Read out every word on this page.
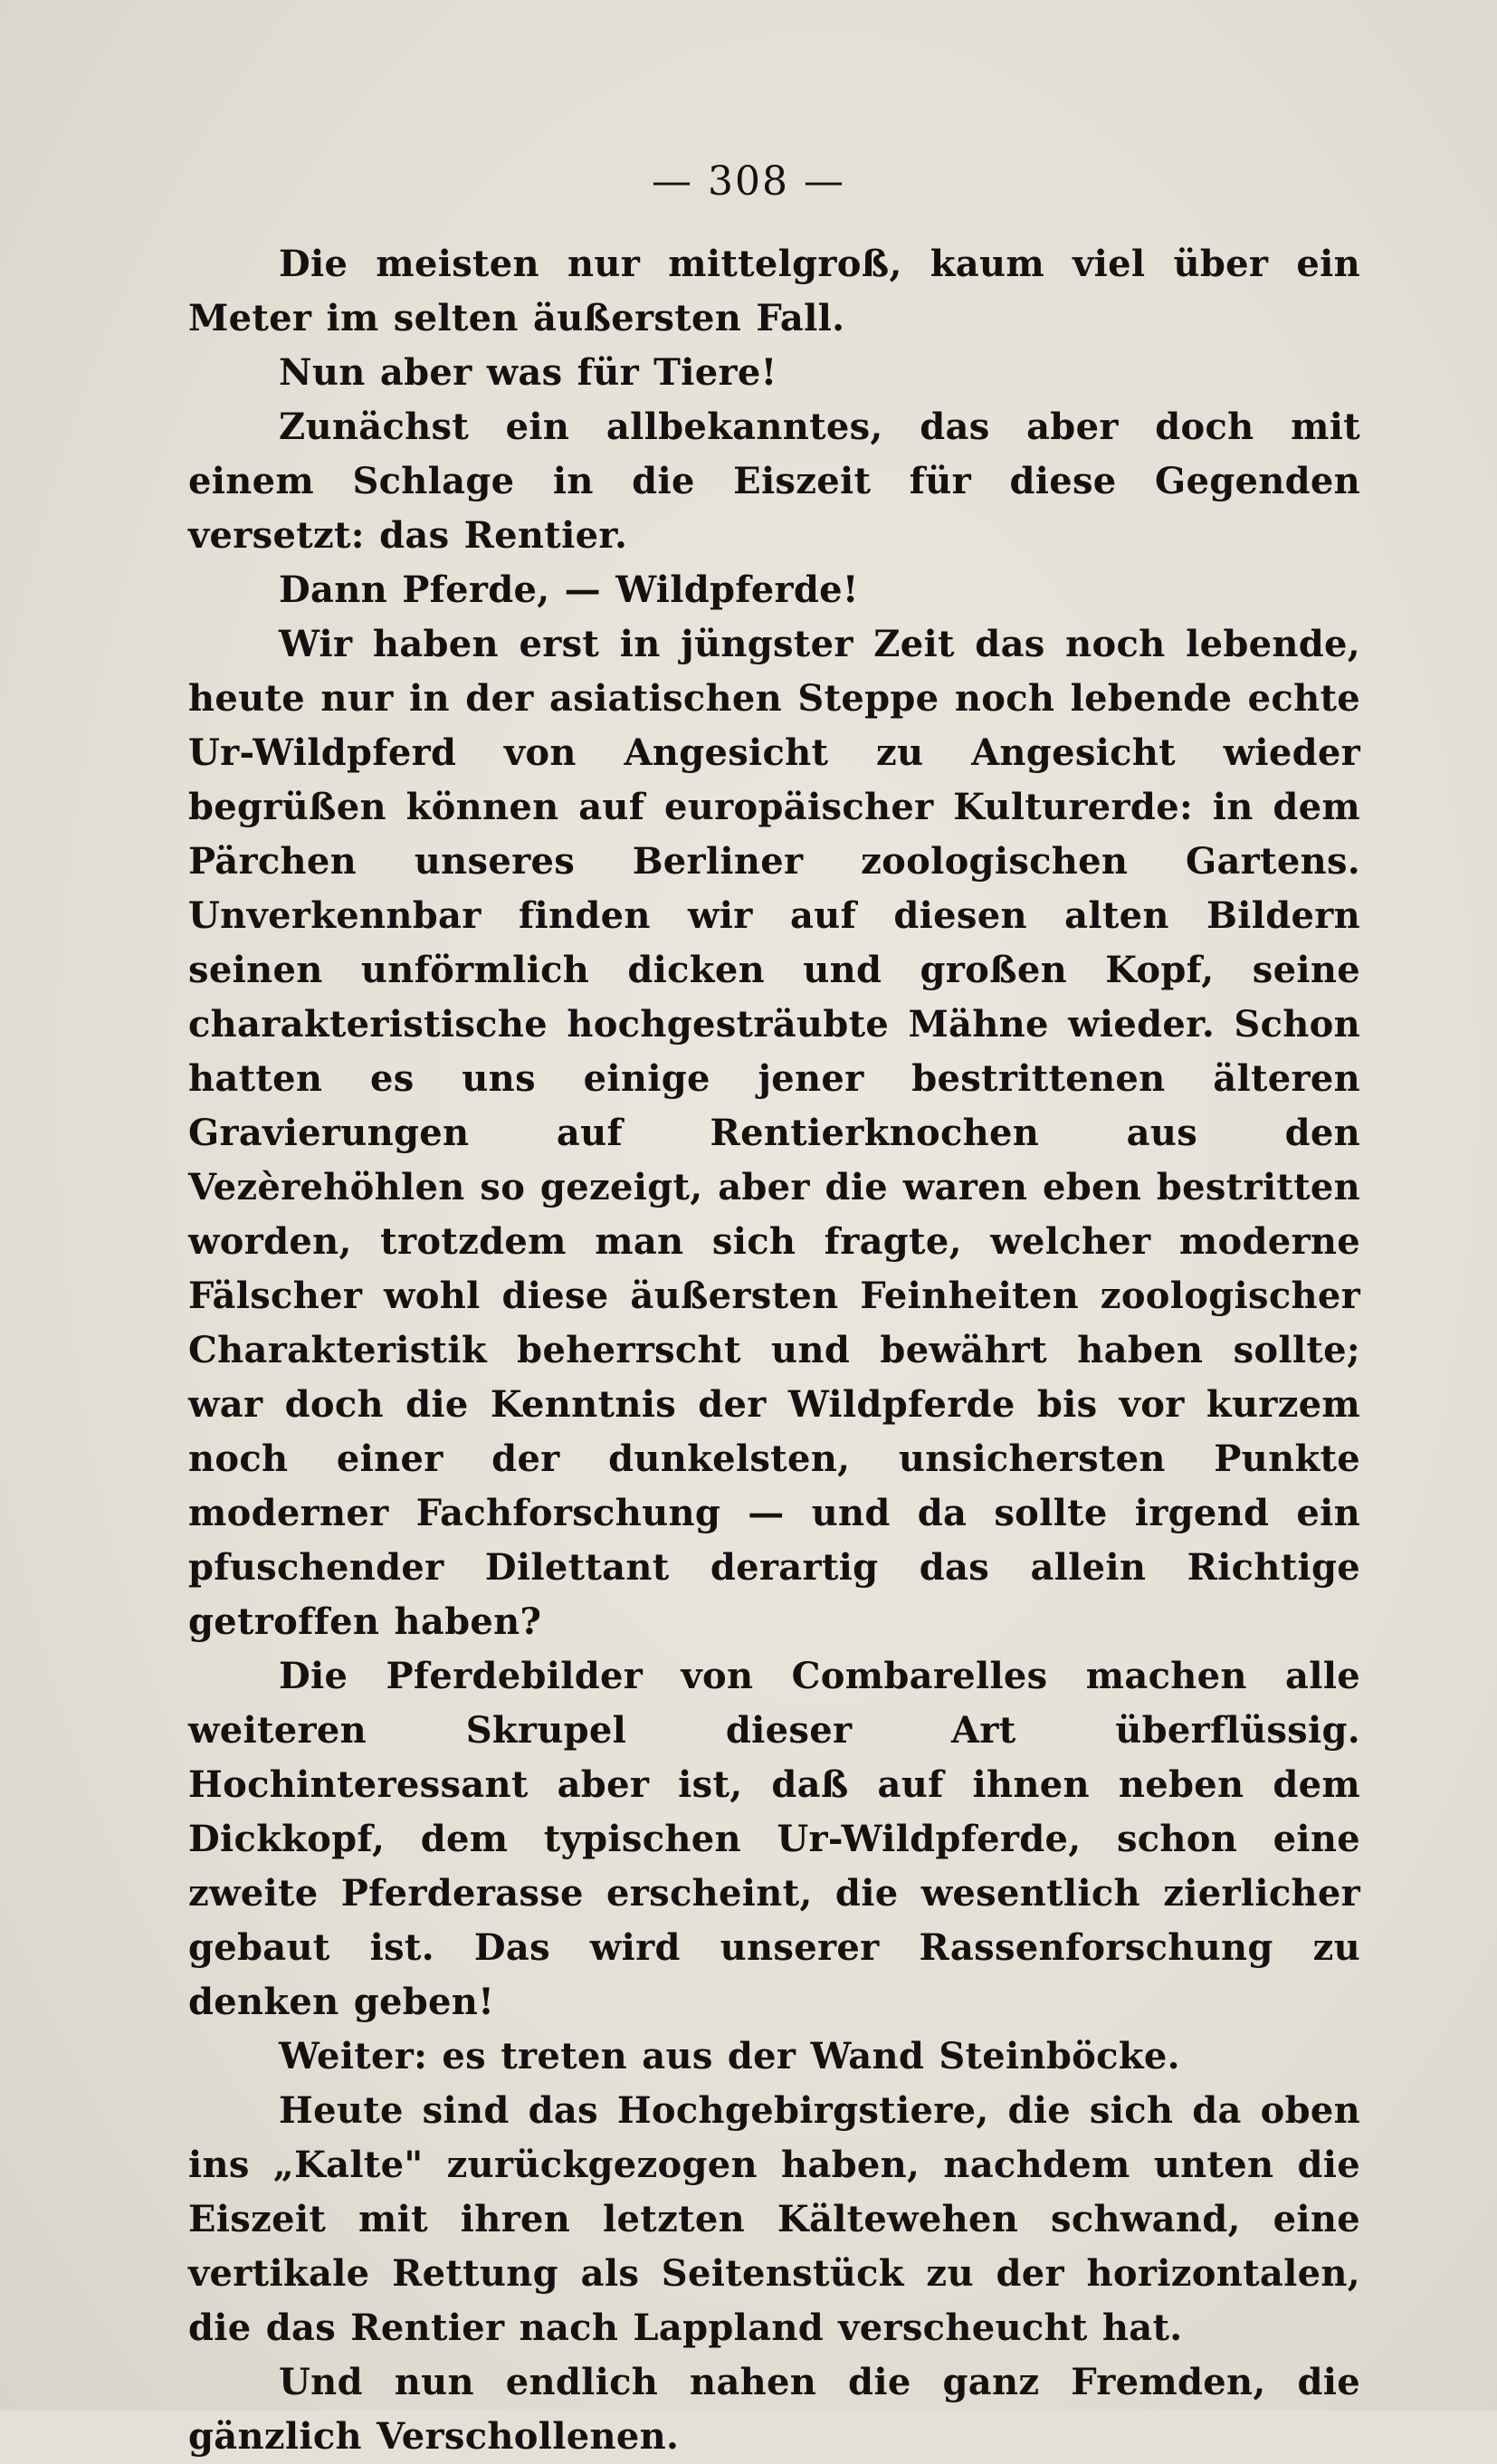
— 308 —

Die meisten nur mittelgroß, kaum viel über ein Meter im selten äußersten Fall.

Nun aber was für Tiere!

Zunächst ein allbekanntes, das aber doch mit einem Schlage in die Eiszeit für diese Gegenden versetzt: das Rentier.

Dann Pferde, — Wildpferde!

Wir haben erst in jüngster Zeit das noch lebende, heute nur in der asiatischen Steppe noch lebende echte Ur-Wildpferd von Angesicht zu Angesicht wieder begrüßen können auf europäischer Kulturerde: in dem Pärchen unseres Berliner zoologischen Gartens. Unverkennbar finden wir auf diesen alten Bildern seinen unförmlich dicken und großen Kopf, seine charakteristische hochgesträubte Mähne wieder. Schon hatten es uns einige jener bestrittenen älteren Gravierungen auf Rentierknochen aus den Vezèrehöhlen so gezeigt, aber die waren eben bestritten worden, trotzdem man sich fragte, welcher moderne Fälscher wohl diese äußersten Feinheiten zoologischer Charakteristik beherrscht und bewährt haben sollte; war doch die Kenntnis der Wildpferde bis vor kurzem noch einer der dunkelsten, unsichersten Punkte moderner Fachforschung — und da sollte irgend ein pfuschender Dilettant derartig das allein Richtige getroffen haben?

Die Pferdebilder von Combarelles machen alle weiteren Skrupel dieser Art überflüssig. Hochinteressant aber ist, daß auf ihnen neben dem Dickkopf, dem typischen Ur-Wildpferde, schon eine zweite Pferderasse erscheint, die wesentlich zierlicher gebaut ist. Das wird unserer Rassenforschung zu denken geben!

Weiter: es treten aus der Wand Steinböcke.

Heute sind das Hochgebirgstiere, die sich da oben ins „Kalte" zurückgezogen haben, nachdem unten die Eiszeit mit ihren letzten Kältewehen schwand, eine vertikale Rettung als Seitenstück zu der horizontalen, die das Rentier nach Lappland verscheucht hat.

Und nun endlich nahen die ganz Fremden, die gänzlich Verschollenen.
